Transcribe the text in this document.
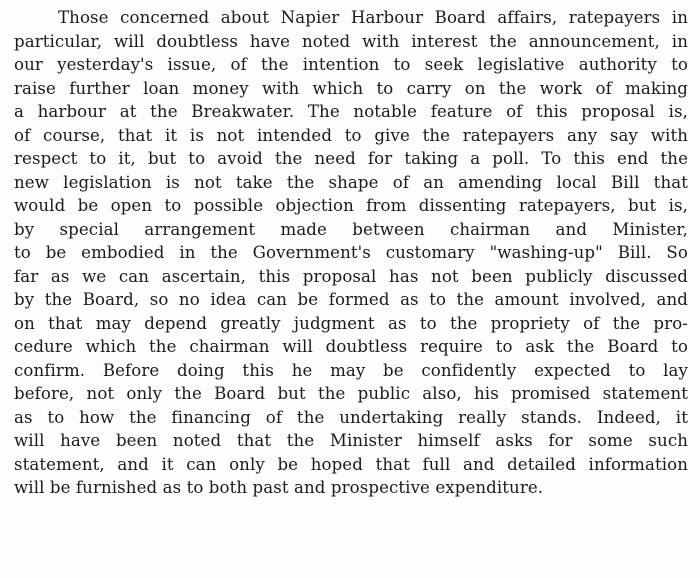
Those concerned about Napier Harbour Board affairs, ratepayers in
particular, will doubtless have noted with interest the announcement, in
our yesterday's issue, of the intention to seek legislative authority to
raise further loan money with which to carry on the work of making
a harbour at the Breakwater. The notable feature of this proposal is,
of course, that it is not intended to give the ratepayers any say with
respect to it, but to avoid the need for taking a poll. To this end the
new legislation is not take the shape of an amending local Bill that
would be open to possible objection from dissenting ratepayers, but is,
by special arrangement made between chairman and Minister,
to be embodied in the Government's customary "washing-up" Bill. So
far as we can ascertain, this proposal has not been publicly discussed
by the Board, so no idea can be formed as to the amount involved, and
on that may depend greatly judgment as to the propriety of the pro-
cedure which the chairman will doubtless require to ask the Board to
confirm. Before doing this he may be confidently expected to lay
before, not only the Board but the public also, his promised statement
as to how the financing of the undertaking really stands. Indeed, it
will have been noted that the Minister himself asks for some such
statement, and it can only be hoped that full and detailed information
will be furnished as to both past and prospective expenditure.
